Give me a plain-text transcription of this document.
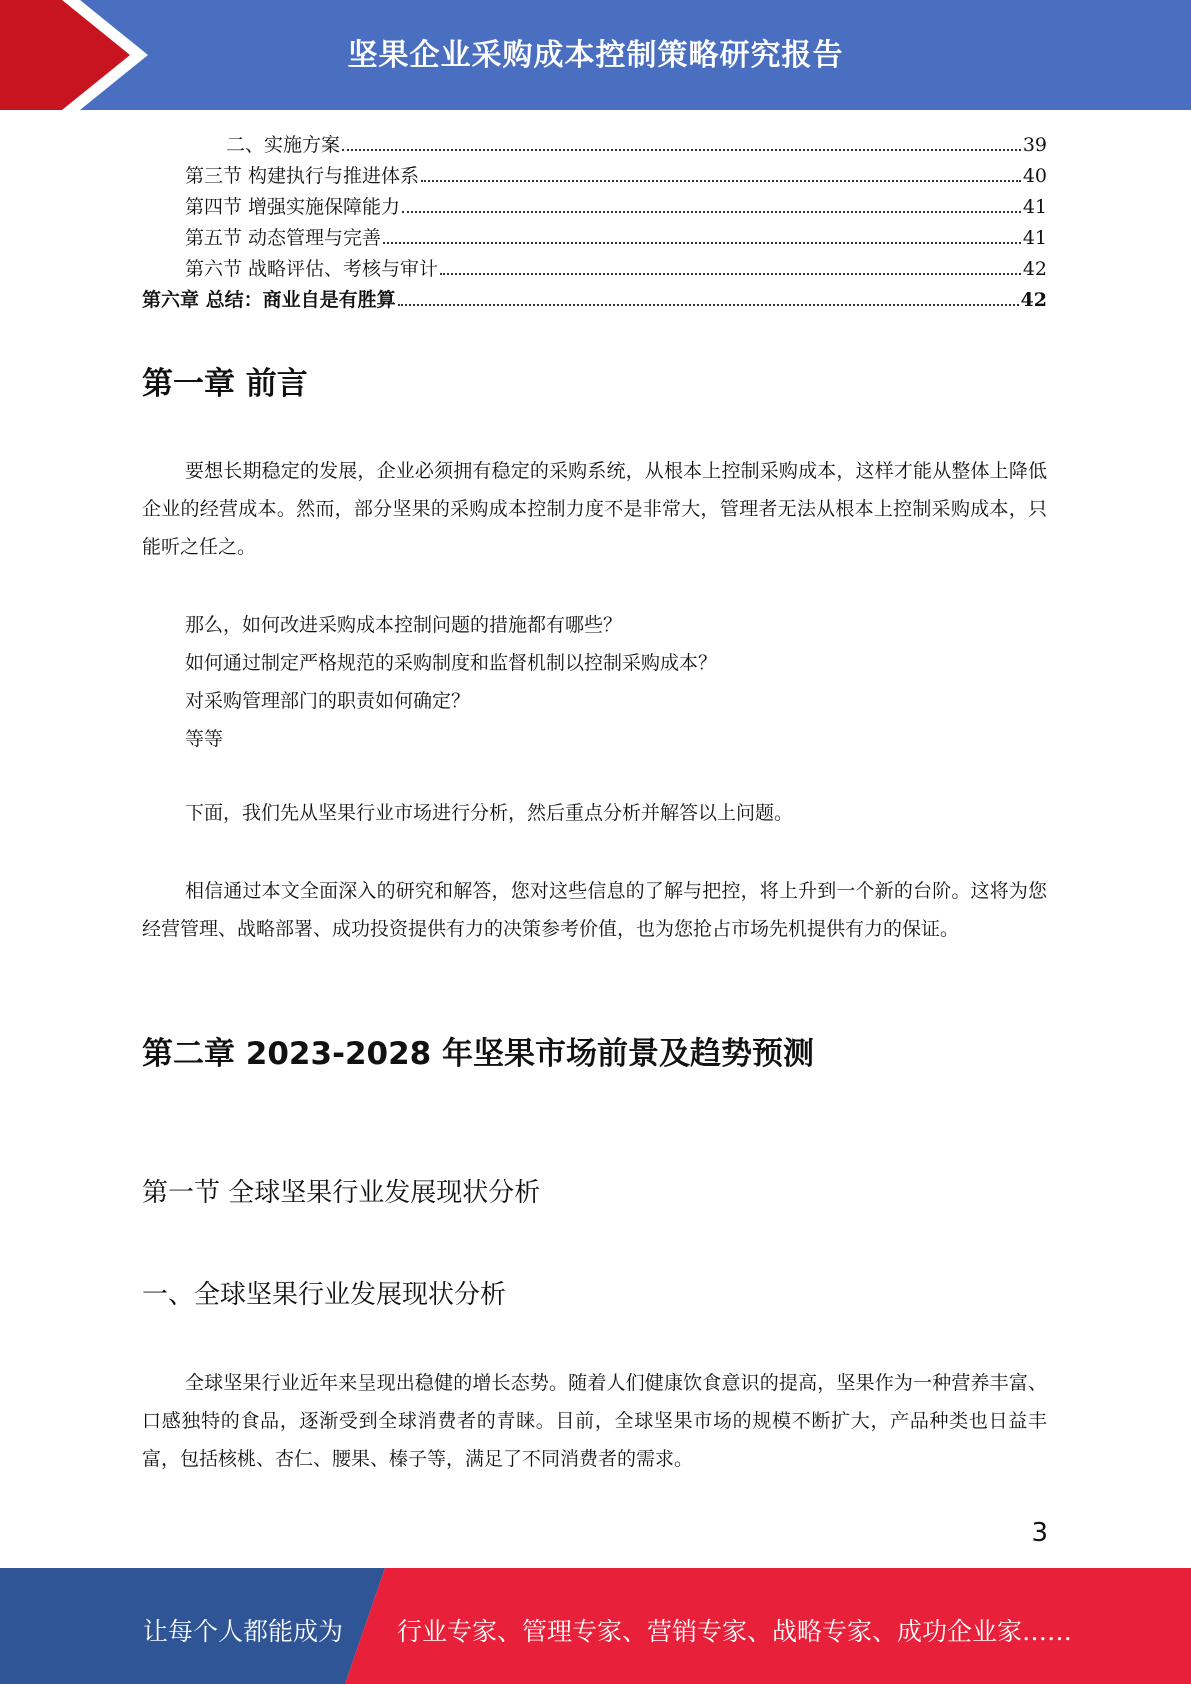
坚果企业采购成本控制策略研究报告
二、实施方案	39
第三节 构建执行与推进体系	40
第四节 增强实施保障能力	41
第五节 动态管理与完善	41
第六节 战略评估、考核与审计	42
第六章 总结：商业自是有胜算	42
第一章 前言
要想长期稳定的发展，企业必须拥有稳定的采购系统，从根本上控制采购成本，这样才能从整体上降低企业的经营成本。然而，部分坚果的采购成本控制力度不是非常大，管理者无法从根本上控制采购成本，只能听之任之。
那么，如何改进采购成本控制问题的措施都有哪些？
如何通过制定严格规范的采购制度和监督机制以控制采购成本？
对采购管理部门的职责如何确定？
等等
下面，我们先从坚果行业市场进行分析，然后重点分析并解答以上问题。
相信通过本文全面深入的研究和解答，您对这些信息的了解与把控，将上升到一个新的台阶。这将为您经营管理、战略部署、成功投资提供有力的决策参考价值，也为您抢占市场先机提供有力的保证。
第二章 2023-2028 年坚果市场前景及趋势预测
第一节 全球坚果行业发展现状分析
一、全球坚果行业发展现状分析
全球坚果行业近年来呈现出稳健的增长态势。随着人们健康饮食意识的提高，坚果作为一种营养丰富、口感独特的食品，逐渐受到全球消费者的青睐。目前，全球坚果市场的规模不断扩大，产品种类也日益丰富，包括核桃、杏仁、腰果、榛子等，满足了不同消费者的需求。
3
让每个人都能成为 行业专家、管理专家、营销专家、战略专家、成功企业家……
